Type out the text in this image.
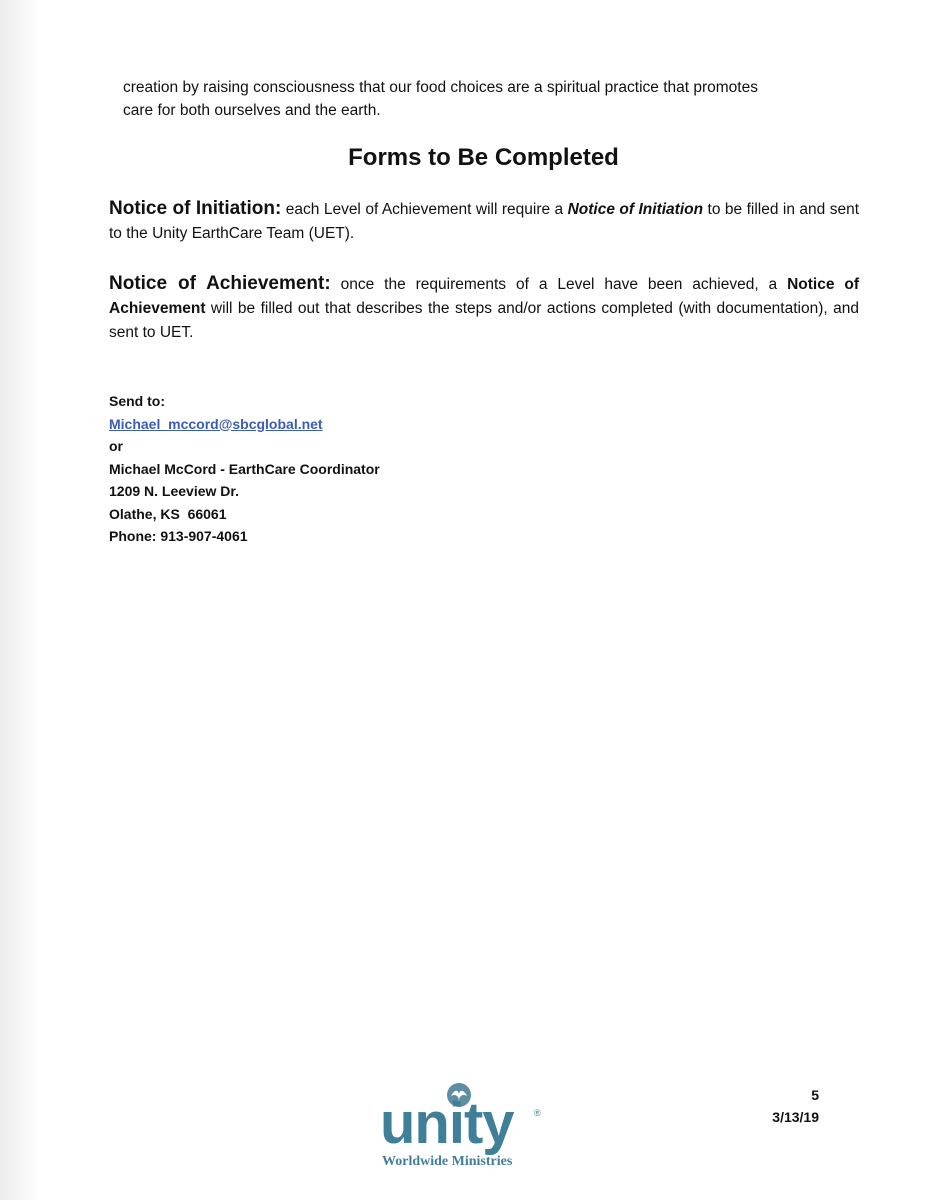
creation by raising consciousness that our food choices are a spiritual practice that promotes
care for both ourselves and the earth.

Forms to Be Completed

Notice of Initiation: each Level of Achievement will require a Notice of Initiation to be filled in and sent to the Unity EarthCare Team (UET).

Notice of Achievement: once the requirements of a Level have been achieved, a Notice of Achievement will be filled out that describes the steps and/or actions completed (with documentation), and sent to UET.

Send to:
Michael_mccord@sbcglobal.net
or
Michael McCord - EarthCare Coordinator
1209 N. Leeview Dr.
Olathe, KS  66061
Phone: 913-907-4061
unity ®
Worldwide Ministries
5
3/13/19
